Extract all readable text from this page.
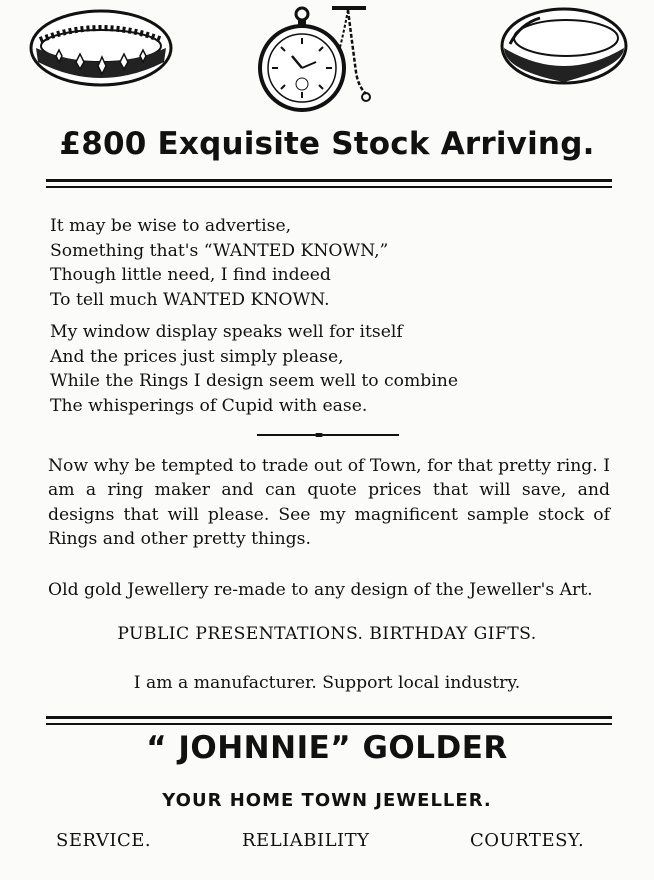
£800 Exquisite Stock Arriving.
It may be wise to advertise,
Something that's “WANTED KNOWN,”
Though little need, I find indeed
To tell much WANTED KNOWN.
My window display speaks well for itself
And the prices just simply please,
While the Rings I design seem well to combine
The whisperings of Cupid with ease.
Now why be tempted to trade out of Town, for that pretty ring. I am a ring maker and can quote prices that will save, and designs that will please. See my magnificent sample stock of Rings and other pretty things.
Old gold Jewellery re-made to any design of the Jeweller's Art.
PUBLIC PRESENTATIONS. BIRTHDAY GIFTS.
I am a manufacturer. Support local industry.
“ JOHNNIE” GOLDER
YOUR HOME TOWN JEWELLER.
SERVICE.	RELIABILITY	COURTESY.
